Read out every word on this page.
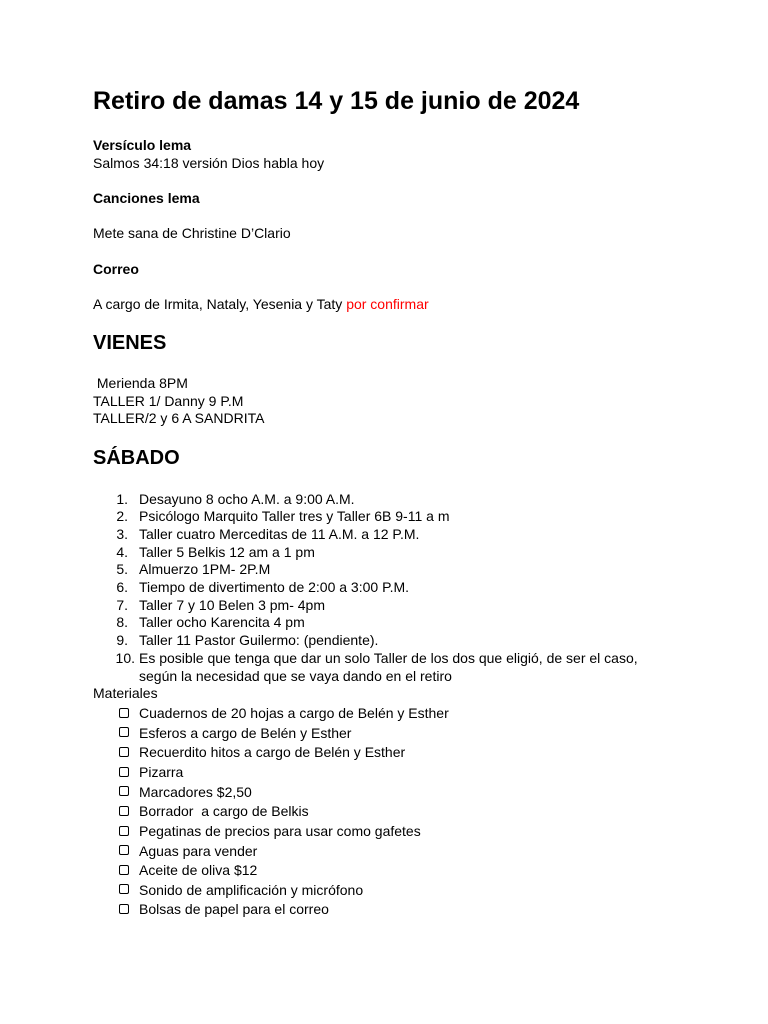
Retiro de damas 14 y 15 de junio de 2024
Versículo lema
Salmos 34:18 versión Dios habla hoy
Canciones lema
Mete sana de Christine D’Clario
Correo
A cargo de Irmita, Nataly, Yesenia y Taty por confirmar
VIENES
Merienda 8PM
TALLER 1/ Danny 9 P.M
TALLER/2 y 6 A SANDRITA
SÁBADO
1. Desayuno 8 ocho A.M. a 9:00 A.M.
2. Psicólogo Marquito Taller tres y Taller 6B 9-11 a m
3. Taller cuatro Merceditas de 11 A.M. a 12 P.M.
4. Taller 5 Belkis 12 am a 1 pm
5. Almuerzo 1PM- 2P.M
6. Tiempo de divertimento de 2:00 a 3:00 P.M.
7. Taller 7 y 10 Belen 3 pm- 4pm
8. Taller ocho Karencita 4 pm
9. Taller 11 Pastor Guilermo: (pendiente).
10. Es posible que tenga que dar un solo Taller de los dos que eligió, de ser el caso,
según la necesidad que se vaya dando en el retiro
Materiales
Cuadernos de 20 hojas a cargo de Belén y Esther
Esferos a cargo de Belén y Esther
Recuerdito hitos a cargo de Belén y Esther
Pizarra
Marcadores $2,50
Borrador  a cargo de Belkis
Pegatinas de precios para usar como gafetes
Aguas para vender
Aceite de oliva $12
Sonido de amplificación y micrófono
Bolsas de papel para el correo
